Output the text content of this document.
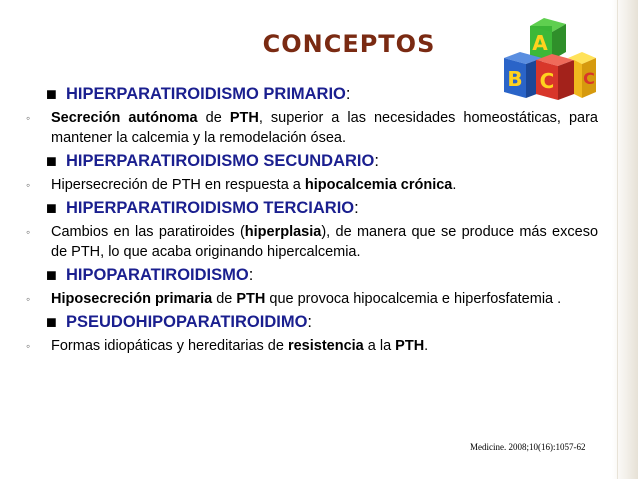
CONCEPTOS	A
B C C
■ HIPERPARATIROIDISMO PRIMARIO:
◦ Secreción autónoma de PTH, superior a las necesidades homeostáticas, para mantener la calcemia y la remodelación ósea.
■ HIPERPARATIROIDISMO SECUNDARIO:
◦ Hipersecreción de PTH en respuesta a hipocalcemia crónica.
■ HIPERPARATIROIDISMO TERCIARIO:
◦ Cambios en las paratiroides (hiperplasia), de manera que se produce más exceso de PTH, lo que acaba originando hipercalcemia.
■ HIPOPARATIROIDISMO:
◦ Hiposecreción primaria de PTH que provoca hipocalcemia e hiperfosfatemia .
■ PSEUDOHIPOPARATIROIDIMO:
◦ Formas idiopáticas y hereditarias de resistencia a la PTH.
Medicine. 2008;10(16):1057-62
